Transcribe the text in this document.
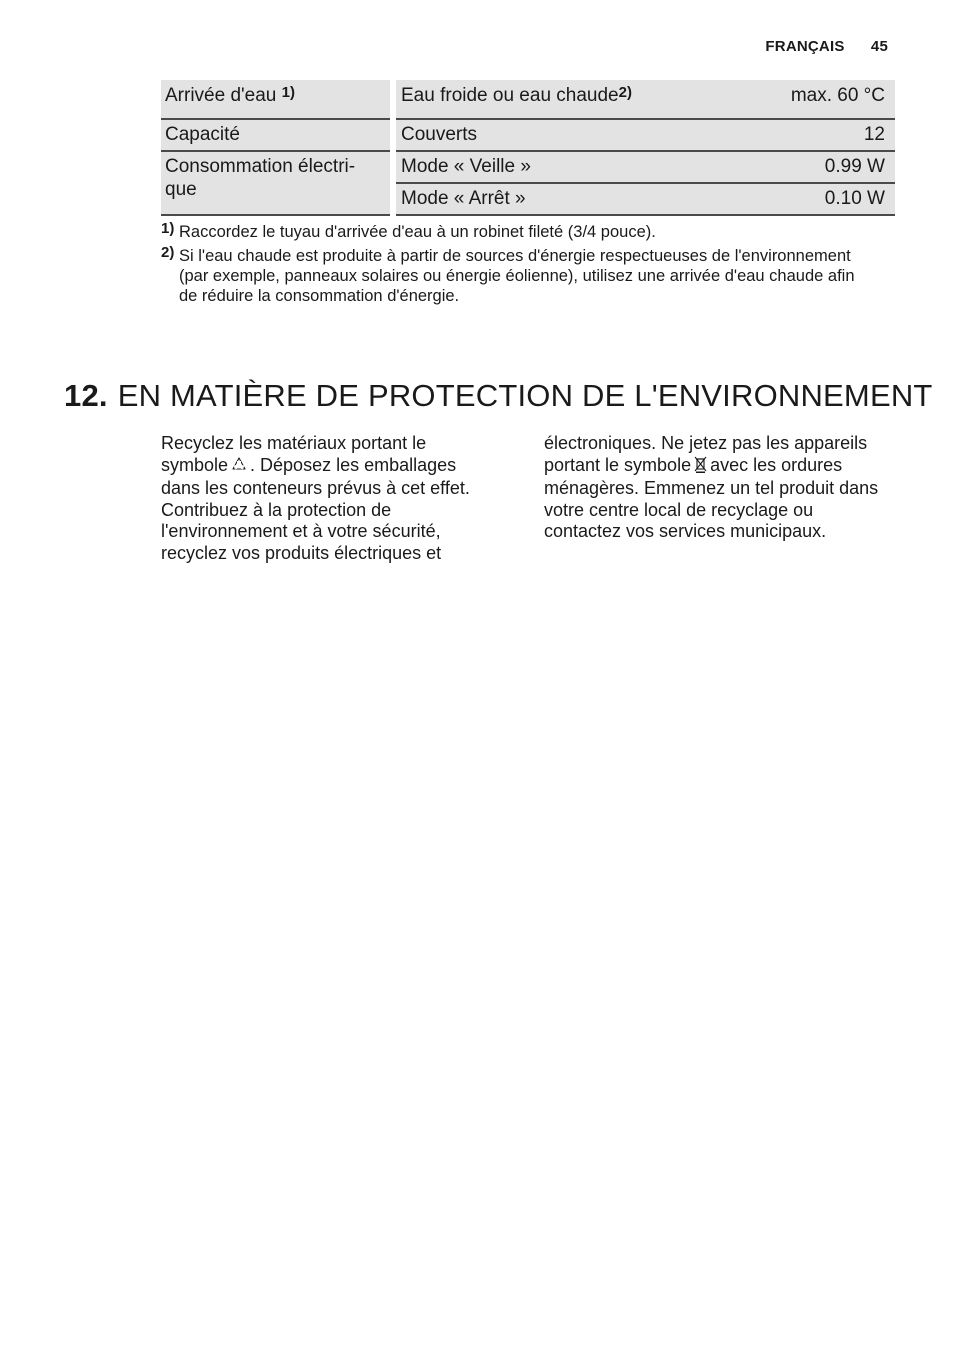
FRANÇAIS 45
Arrivée d'eau $^{1)}$	Eau froide ou eau chaude$^{2)}$	max. 60 °C
Capacité	Couverts	12
Consommation électri-
que	Mode « Veille »	0.99 W
	Mode « Arrêt »	0.10 W
1) Raccordez le tuyau d'arrivée d'eau à un robinet fileté (3/4 pouce).
2) Si l'eau chaude est produite à partir de sources d'énergie respectueuses de l'environnement (par exemple, panneaux solaires ou énergie éolienne), utilisez une arrivée d'eau chaude afin de réduire la consommation d'énergie.
12. EN MATIÈRE DE PROTECTION DE L'ENVIRONNEMENT

Recyclez les matériaux portant le symbole . Déposez les emballages dans les conteneurs prévus à cet effet.

Contribuez à la protection de l'environnement et à votre sécurité, recyclez vos produits électriques et

électroniques. Ne jetez pas les appareils portant le symbole avec les ordures ménagères. Emmenez un tel produit dans votre centre local de recyclage ou contactez vos services municipaux.
